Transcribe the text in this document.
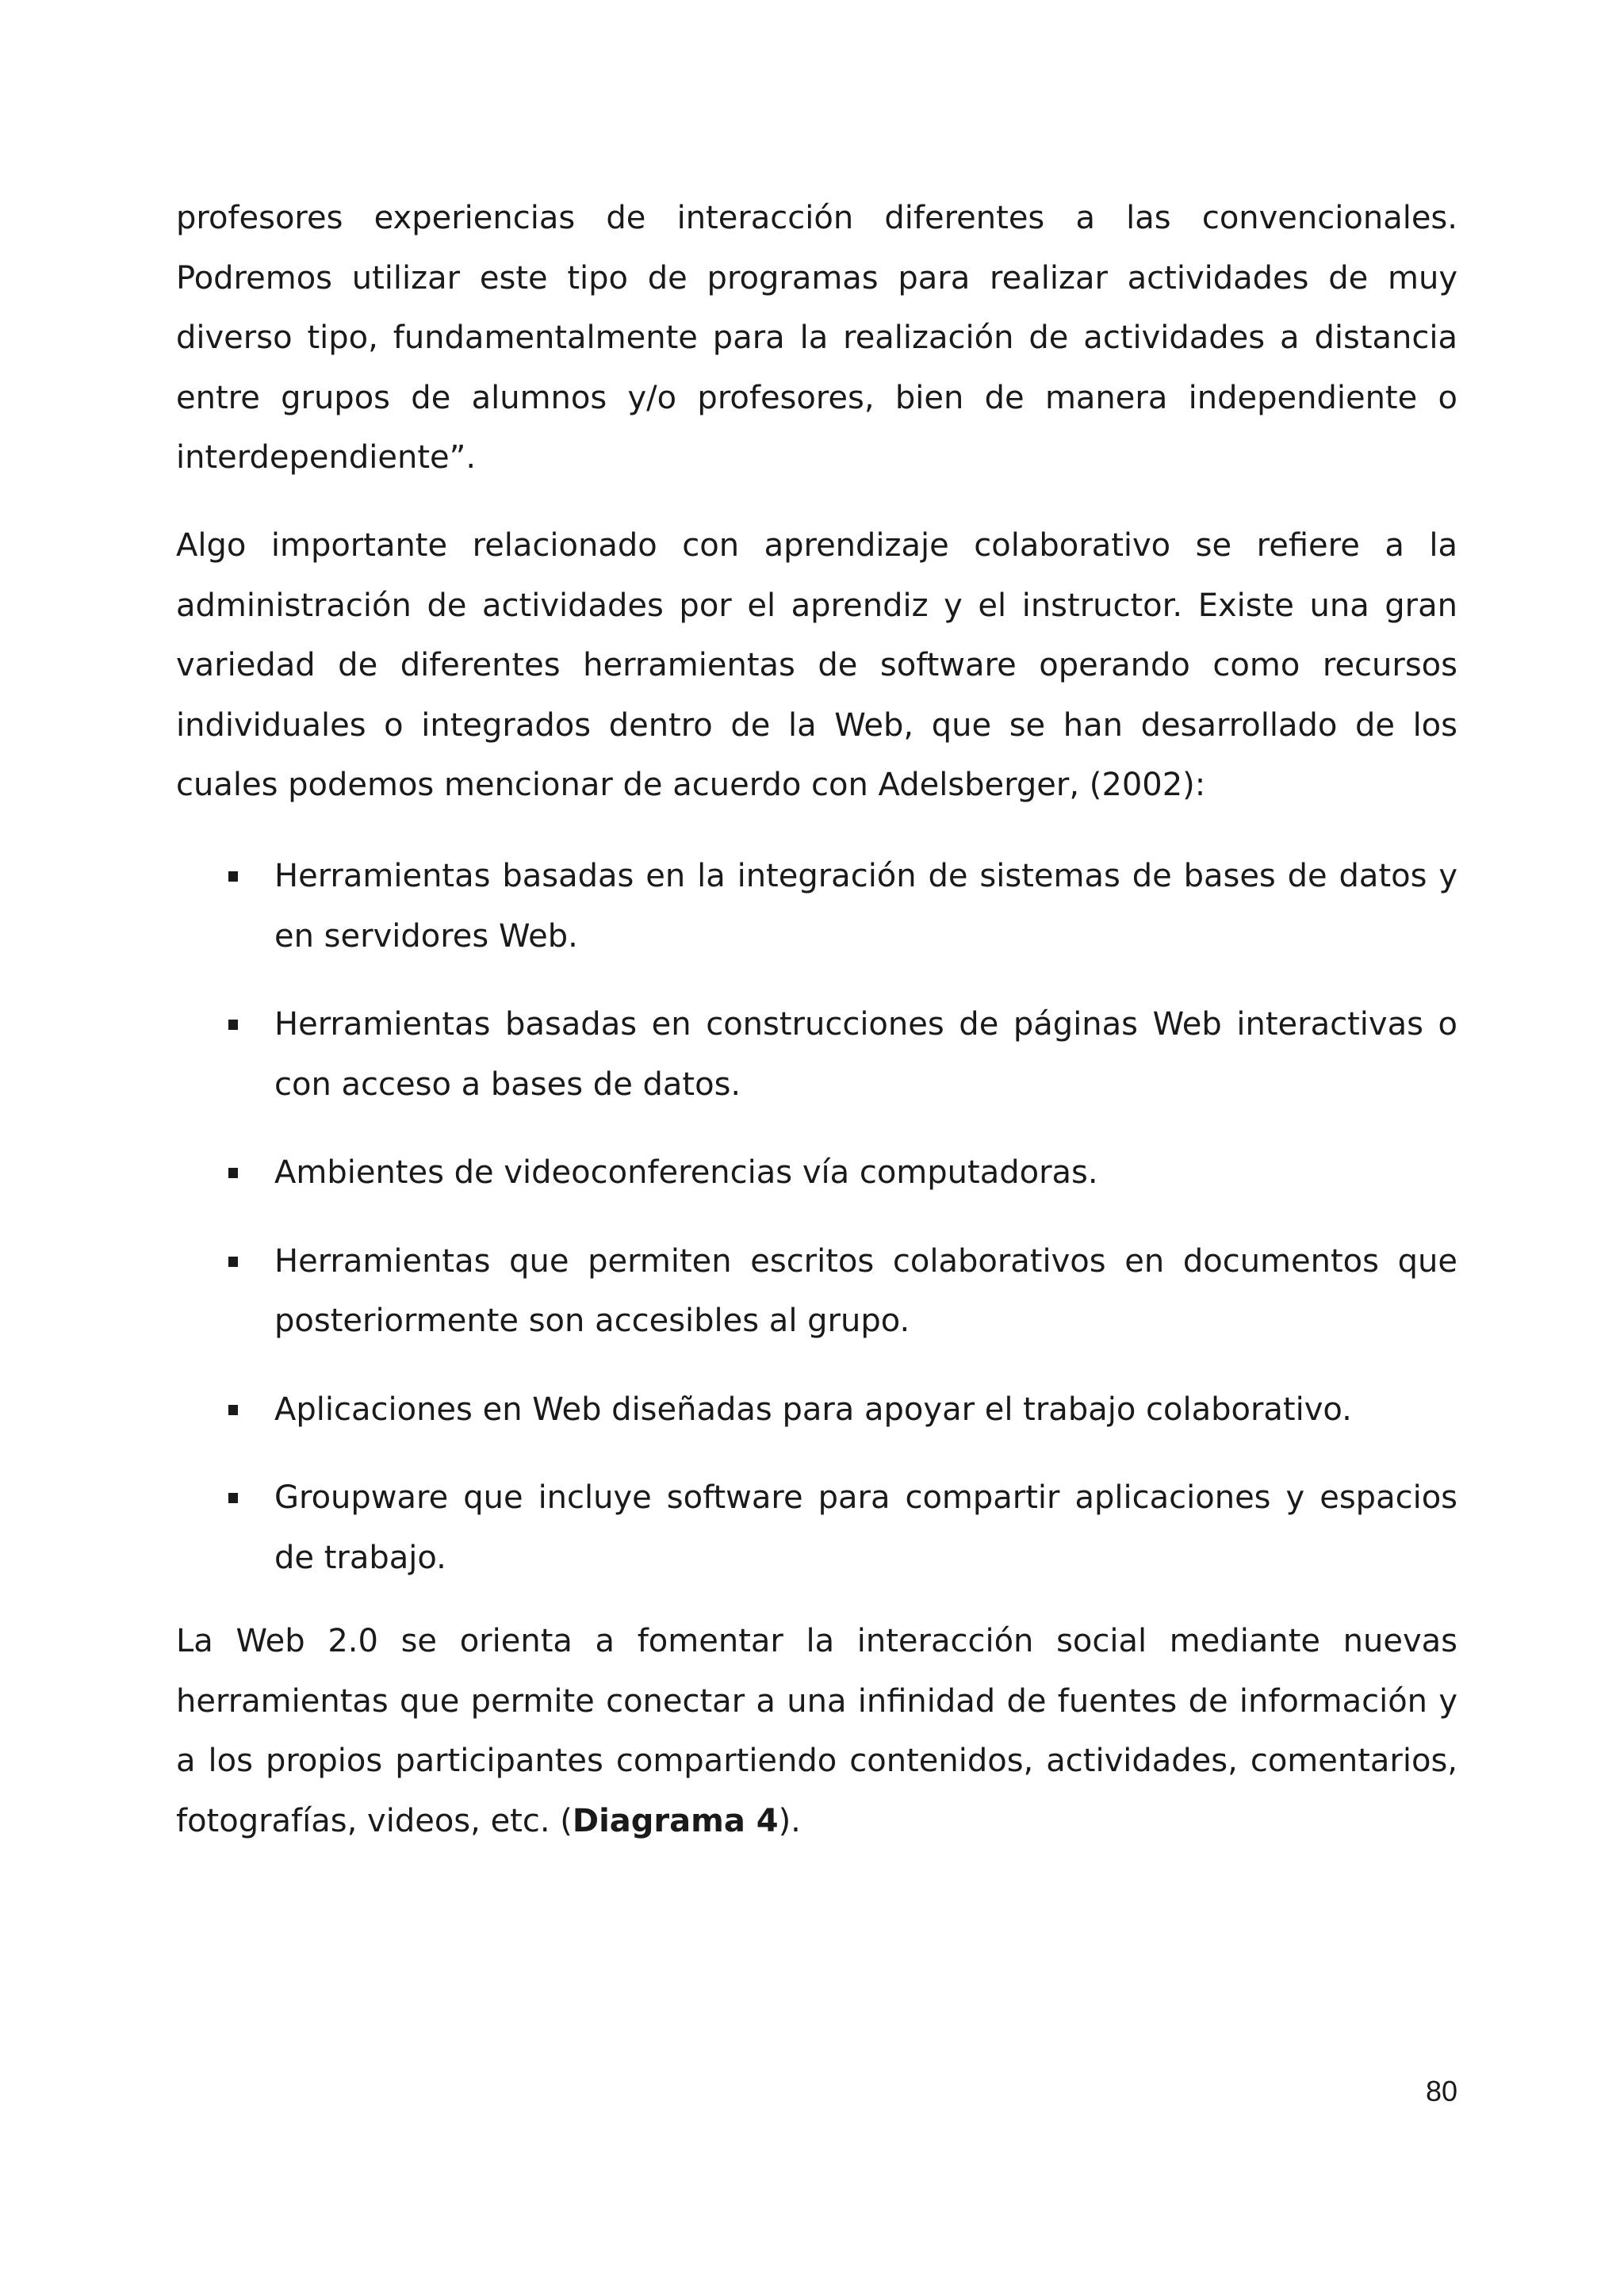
profesores experiencias de interacción diferentes a las convencionales. Podremos utilizar este tipo de programas para realizar actividades de muy diverso tipo, fundamentalmente para la realización de actividades a distancia entre grupos de alumnos y/o profesores, bien de manera independiente o interdependiente”.

Algo importante relacionado con aprendizaje colaborativo se refiere a la administración de actividades por el aprendiz y el instructor. Existe una gran variedad de diferentes herramientas de software operando como recursos individuales o integrados dentro de la Web, que se han desarrollado de los cuales podemos mencionar de acuerdo con Adelsberger, (2002):

Herramientas basadas en la integración de sistemas de bases de datos y en servidores Web.
Herramientas basadas en construcciones de páginas Web interactivas o con acceso a bases de datos.
Ambientes de videoconferencias vía computadoras.
Herramientas que permiten escritos colaborativos en documentos que posteriormente son accesibles al grupo.
Aplicaciones en Web diseñadas para apoyar el trabajo colaborativo.
Groupware que incluye software para compartir aplicaciones y espacios de trabajo.

La Web 2.0 se orienta a fomentar la interacción social mediante nuevas herramientas que permite conectar a una infinidad de fuentes de información y a los propios participantes compartiendo contenidos, actividades, comentarios, fotografías, videos, etc. (Diagrama 4).

80
